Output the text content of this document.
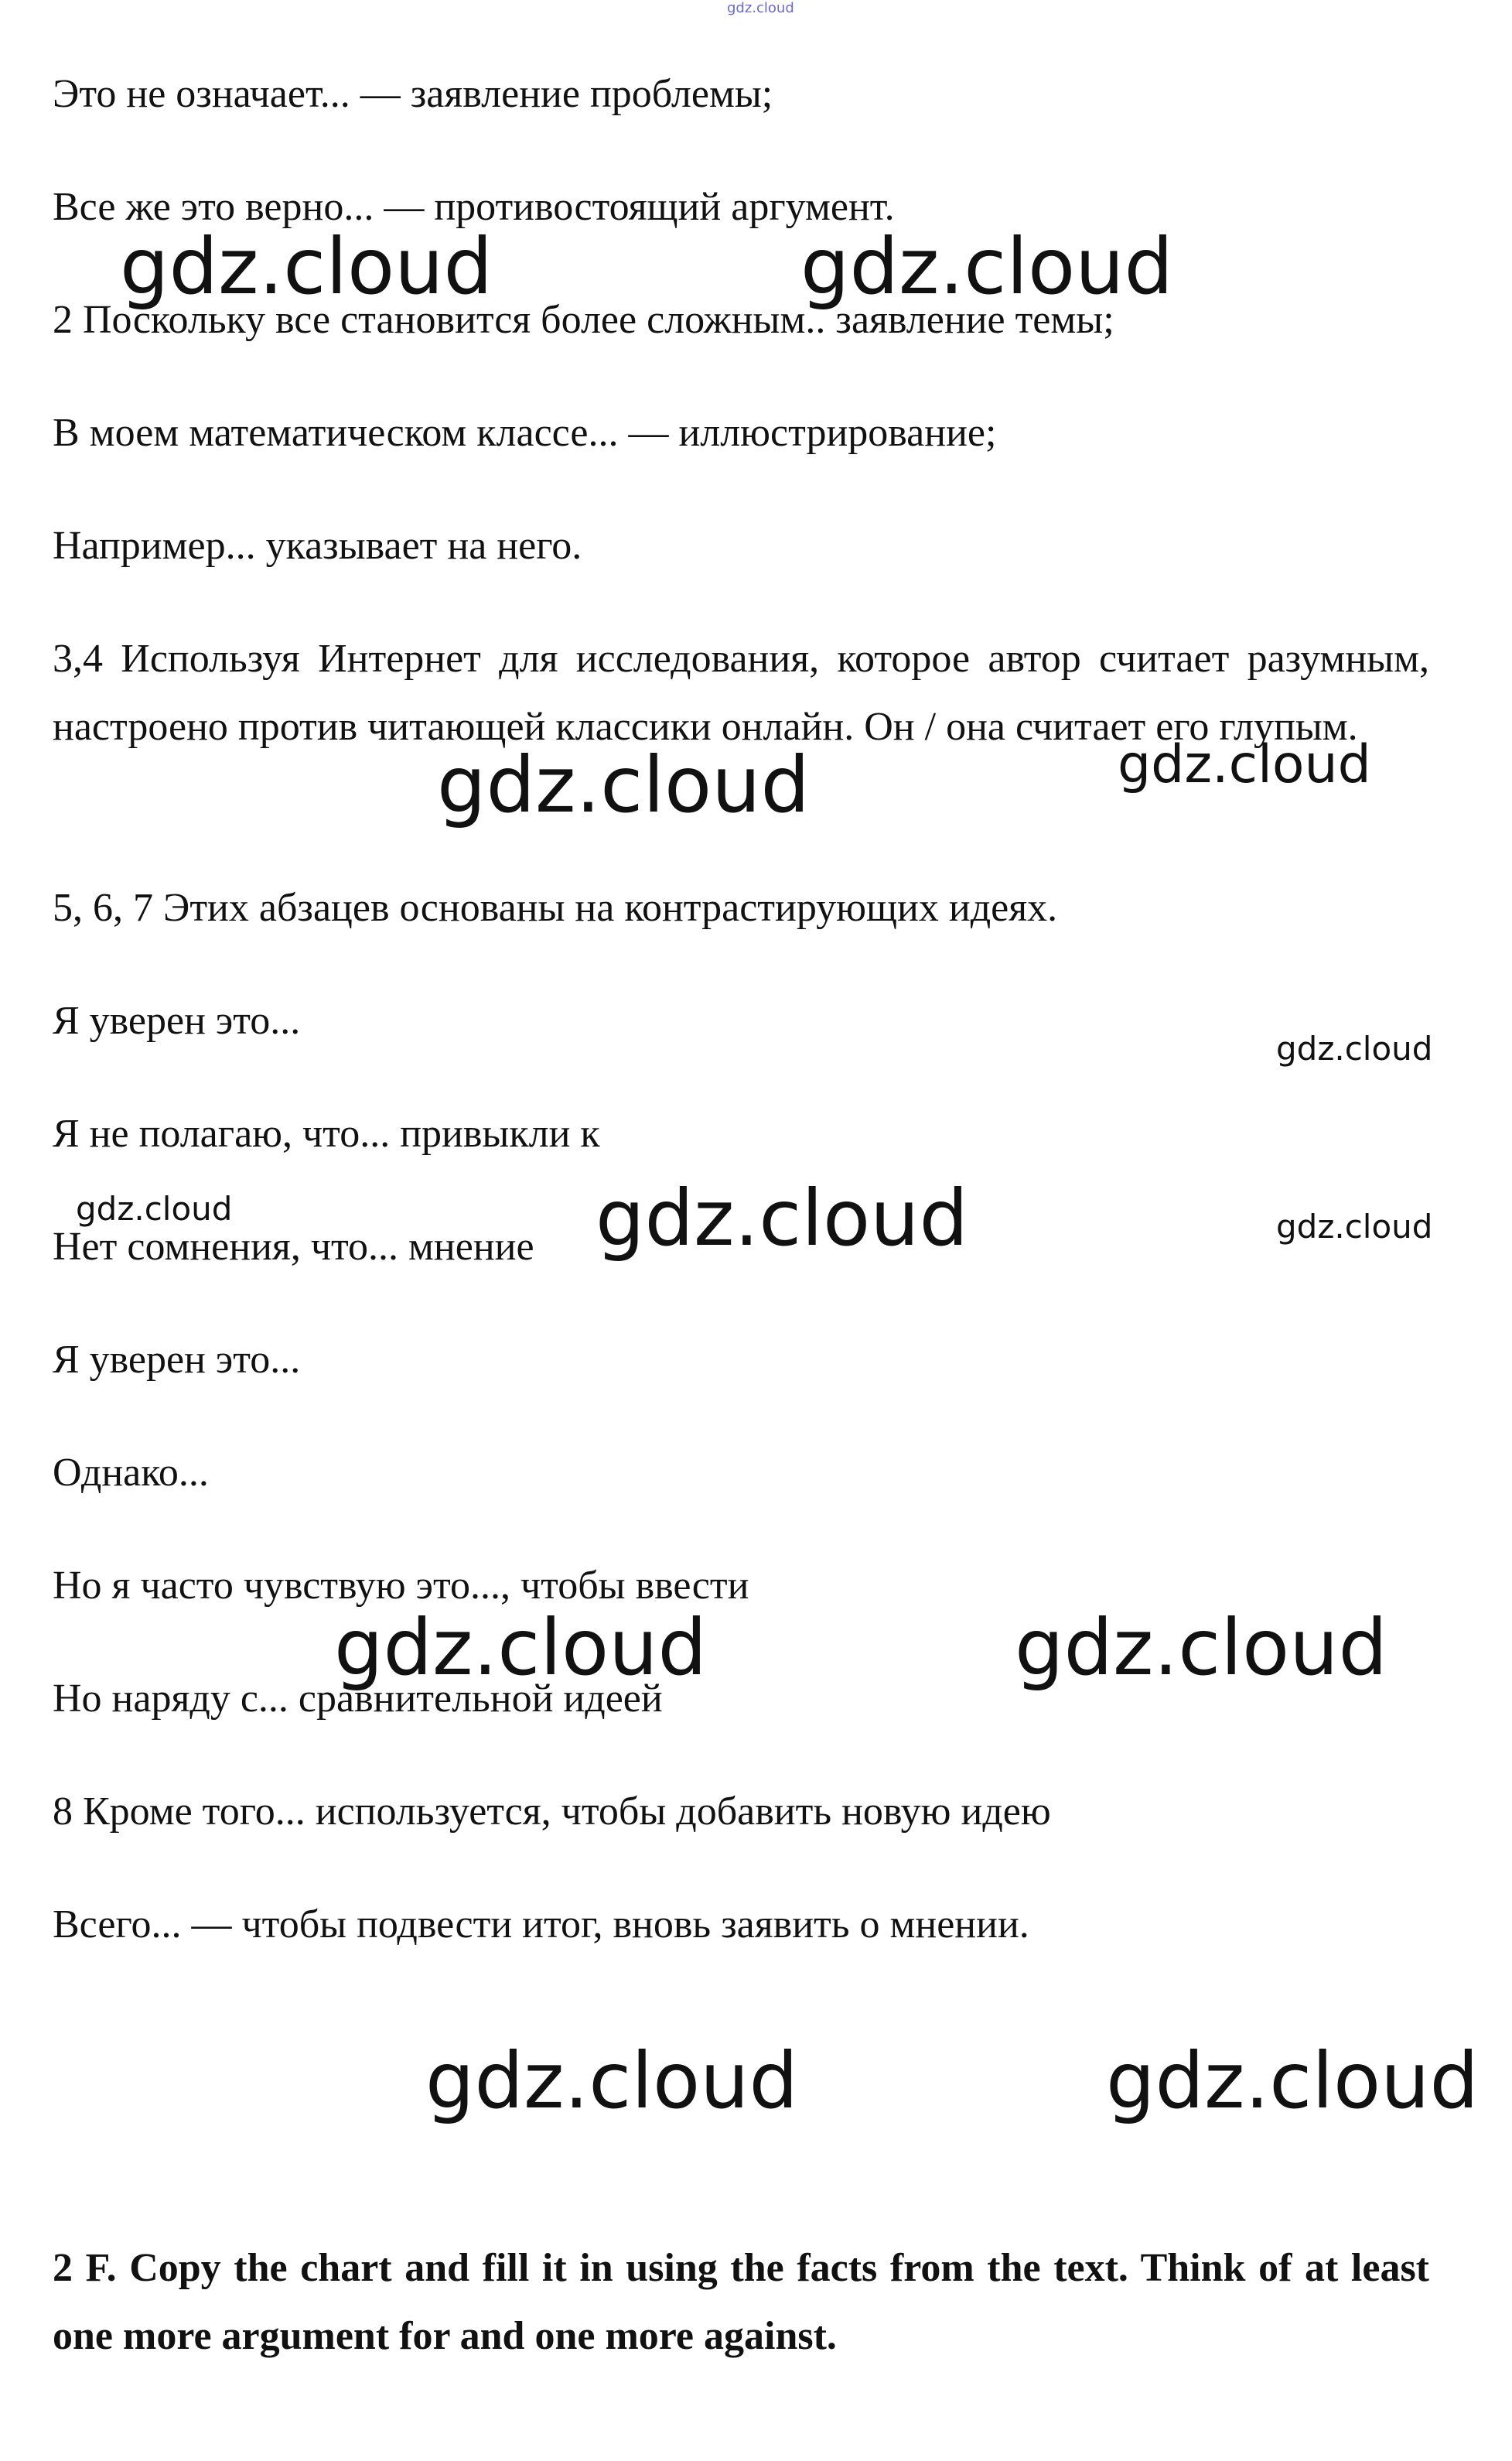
gdz.cloud

Это не означает... — заявление проблемы;

Все же это верно... — противостоящий аргумент.

2 Поскольку все становится более сложным.. заявление темы;

В моем математическом классе... — иллюстрирование;

Например... указывает на него.

3,4 Используя Интернет для исследования, которое автор считает разумным, настроено против читающей классики онлайн. Он / она считает его глупым.

5, 6, 7 Этих абзацев основаны на контрастирующих идеях.

Я уверен это...

Я не полагаю, что... привыкли к

Нет сомнения, что... мнение

Я уверен это...

Однако...

Но я часто чувствую это..., чтобы ввести

Но наряду с... сравнительной идеей

8 Кроме того... используется, чтобы добавить новую идею

Всего... — чтобы подвести итог, вновь заявить о мнении.

2 F. Copy the chart and fill it in using the facts from the text. Think of at least one more argument for and one more against.

gdz.cloud	gdz.cloud
gdz.cloud	gdz.cloud
gdz.cloud
gdz.cloud	gdz.cloud	gdz.cloud
gdz.cloud	gdz.cloud
gdz.cloud	gdz.cloud
